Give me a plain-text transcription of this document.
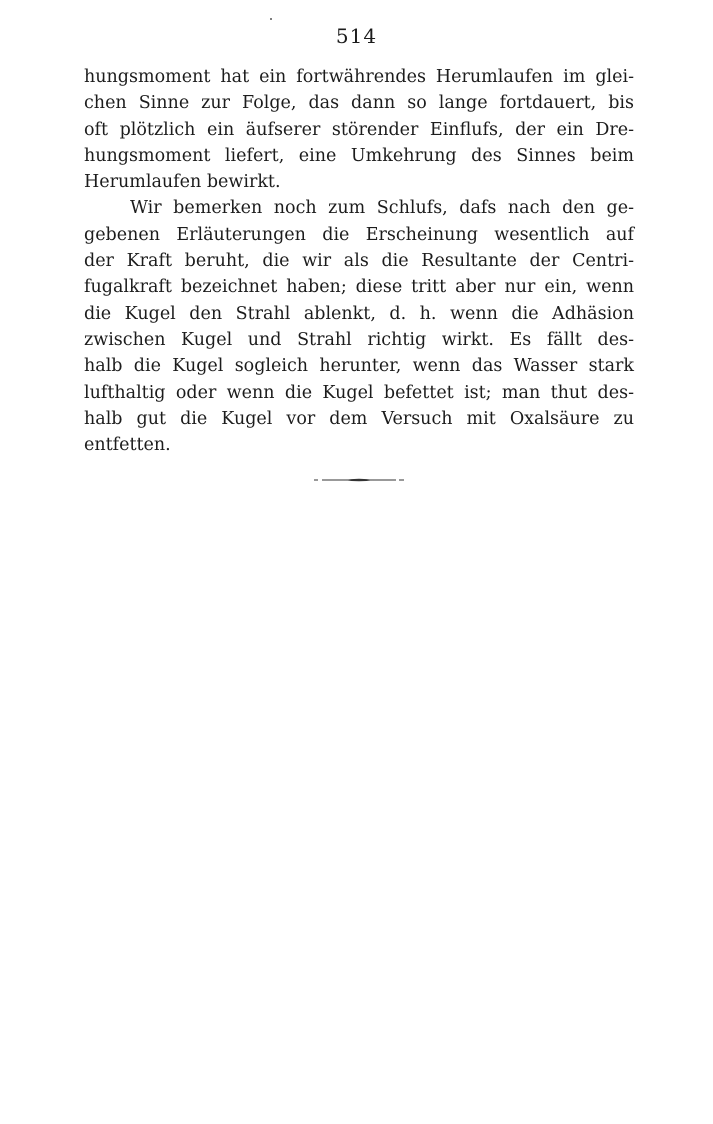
514
hungsmoment hat ein fortwährendes Herumlaufen im glei-
chen Sinne zur Folge, das dann so lange fortdauert, bis
oft plötzlich ein äufserer störender Einflufs, der ein Dre-
hungsmoment liefert, eine Umkehrung des Sinnes beim
Herumlaufen bewirkt.
Wir bemerken noch zum Schlufs, dafs nach den ge-
gebenen Erläuterungen die Erscheinung wesentlich auf
der Kraft beruht, die wir als die Resultante der Centri-
fugalkraft bezeichnet haben; diese tritt aber nur ein, wenn
die Kugel den Strahl ablenkt, d. h. wenn die Adhäsion
zwischen Kugel und Strahl richtig wirkt. Es fällt des-
halb die Kugel sogleich herunter, wenn das Wasser stark
lufthaltig oder wenn die Kugel befettet ist; man thut des-
halb gut die Kugel vor dem Versuch mit Oxalsäure zu
entfetten.
